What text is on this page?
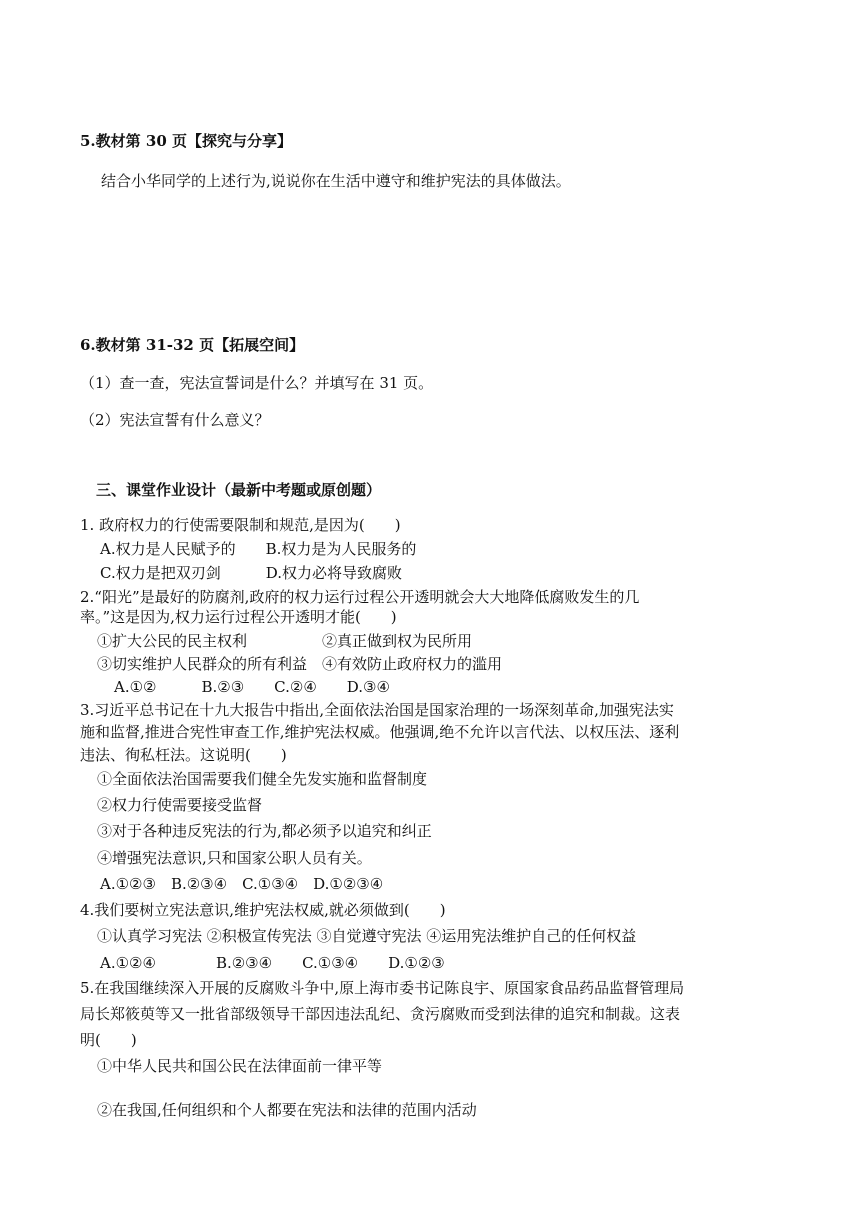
5.教材第 30 页【探究与分享】
结合小华同学的上述行为,说说你在生活中遵守和维护宪法的具体做法。
6.教材第 31-32 页【拓展空间】
（1）查一查，宪法宣誓词是什么？并填写在 31 页。
（2）宪法宣誓有什么意义？
三、课堂作业设计（最新中考题或原创题）
1. 政府权力的行使需要限制和规范,是因为(　　)
A.权力是人民赋予的　　B.权力是为人民服务的
C.权力是把双刃剑　　　D.权力必将导致腐败
2.“阳光”是最好的防腐剂,政府的权力运行过程公开透明就会大大地降低腐败发生的几
率。”这是因为,权力运行过程公开透明才能(　　)
①扩大公民的民主权利　　　　　②真正做到权为民所用
③切实维护人民群众的所有利益　④有效防止政府权力的滥用
A.①②　　　B.②③　　C.②④　　D.③④
3.习近平总书记在十九大报告中指出,全面依法治国是国家治理的一场深刻革命,加强宪法实
施和监督,推进合宪性审查工作,维护宪法权威。他强调,绝不允许以言代法、以权压法、逐利
违法、徇私枉法。这说明(　　)
①全面依法治国需要我们健全先发实施和监督制度
②权力行使需要接受监督
③对于各种违反宪法的行为,都必须予以追究和纠正
④增强宪法意识,只和国家公职人员有关。
A.①②③　B.②③④　C.①③④　D.①②③④
4.我们要树立宪法意识,维护宪法权威,就必须做到(　　)
①认真学习宪法 ②积极宣传宪法 ③自觉遵守宪法 ④运用宪法维护自己的任何权益
A.①②④　　　　B.②③④　　C.①③④　　D.①②③
5.在我国继续深入开展的反腐败斗争中,原上海市委书记陈良宇、原国家食品药品监督管理局
局长郑筱萸等又一批省部级领导干部因违法乱纪、贪污腐败而受到法律的追究和制裁。这表
明(　　)
①中华人民共和国公民在法律面前一律平等
②在我国,任何组织和个人都要在宪法和法律的范围内活动
